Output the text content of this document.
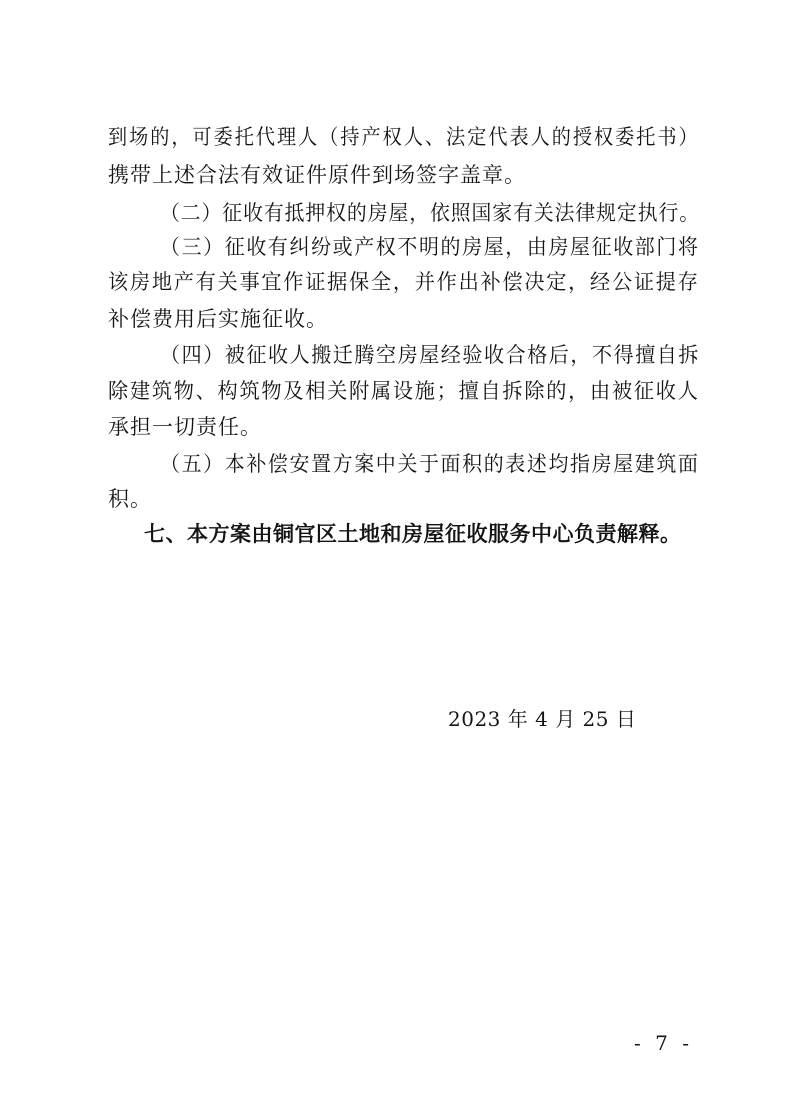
到场的，可委托代理人（持产权人、法定代表人的授权委托书）
携带上述合法有效证件原件到场签字盖章。
（二）征收有抵押权的房屋，依照国家有关法律规定执行。
（三）征收有纠纷或产权不明的房屋，由房屋征收部门将
该房地产有关事宜作证据保全，并作出补偿决定，经公证提存
补偿费用后实施征收。
（四）被征收人搬迁腾空房屋经验收合格后，不得擅自拆
除建筑物、构筑物及相关附属设施；擅自拆除的，由被征收人
承担一切责任。
（五）本补偿安置方案中关于面积的表述均指房屋建筑面
积。
七、本方案由铜官区土地和房屋征收服务中心负责解释。
2023 年 4 月 25 日
- 7 -
